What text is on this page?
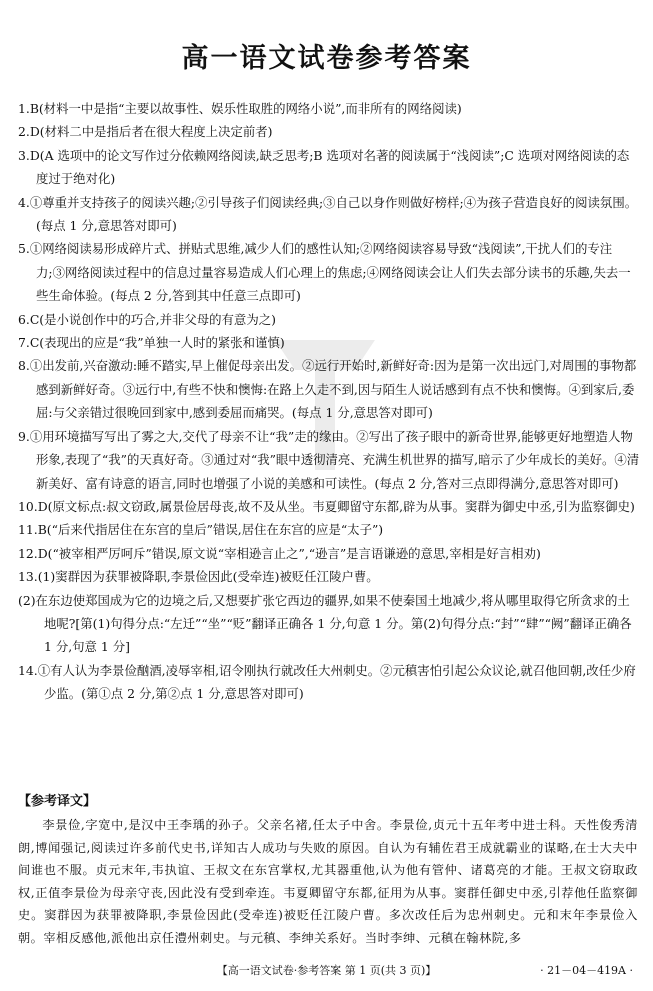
高一语文试卷参考答案

1.B(材料一中是指“主要以故事性、娱乐性取胜的网络小说”,而非所有的网络阅读)

2.D(材料二中是指后者在很大程度上决定前者)

3.D(A 选项中的论文写作过分依赖网络阅读,缺乏思考;B 选项对名著的阅读属于“浅阅读”;C 选项对网络阅读的态度过于绝对化)

4.①尊重并支持孩子的阅读兴趣;②引导孩子们阅读经典;③自己以身作则做好榜样;④为孩子营造良好的阅读氛围。(每点 1 分,意思答对即可)

5.①网络阅读易形成碎片式、拼贴式思维,减少人们的感性认知;②网络阅读容易导致“浅阅读”,干扰人们的专注力;③网络阅读过程中的信息过量容易造成人们心理上的焦虑;④网络阅读会让人们失去部分读书的乐趣,失去一些生命体验。(每点 2 分,答到其中任意三点即可)

6.C(是小说创作中的巧合,并非父母的有意为之)

7.C(表现出的应是“我”单独一人时的紧张和谨慎)

8.①出发前,兴奋激动:睡不踏实,早上催促母亲出发。②远行开始时,新鲜好奇:因为是第一次出远门,对周围的事物都感到新鲜好奇。③远行中,有些不快和懊悔:在路上久走不到,因与陌生人说话感到有点不快和懊悔。④到家后,委屈:与父亲错过很晚回到家中,感到委屈而痛哭。(每点 1 分,意思答对即可)

9.①用环境描写写出了雾之大,交代了母亲不让“我”走的缘由。②写出了孩子眼中的新奇世界,能够更好地塑造人物形象,表现了“我”的天真好奇。③通过对“我”眼中透彻清亮、充满生机世界的描写,暗示了少年成长的美好。④清新美好、富有诗意的语言,同时也增强了小说的美感和可读性。(每点 2 分,答对三点即得满分,意思答对即可)

10.D(原文标点:叔文窃政,属景俭居母丧,故不及从坐。韦夏卿留守东都,辟为从事。窦群为御史中丞,引为监察御史)

11.B(“后来代指居住在东宫的皇后”错误,居住在东宫的应是“太子”)

12.D(“被宰相严厉呵斥”错误,原文说“宰相逊言止之”,“逊言”是言语谦逊的意思,宰相是好言相劝)

13.(1)窦群因为获罪被降职,李景俭因此(受牵连)被贬任江陵户曹。

(2)在东边使郑国成为它的边境之后,又想要扩张它西边的疆界,如果不使秦国土地减少,将从哪里取得它所贪求的土地呢?[第(1)句得分点:“左迁”“坐”“贬”翻译正确各 1 分,句意 1 分。第(2)句得分点:“封”“肆”“阙”翻译正确各 1 分,句意 1 分]

14.①有人认为李景俭酗酒,凌辱宰相,诏令刚执行就改任大州刺史。②元稹害怕引起公众议论,就召他回朝,改任少府少监。(第①点 2 分,第②点 1 分,意思答对即可)

【参考译文】
李景俭,字宽中,是汉中王李瑀的孙子。父亲名褚,任太子中舍。李景俭,贞元十五年考中进士科。天性俊秀清朗,博闻强记,阅读过许多前代史书,详知古人成功与失败的原因。自认为有辅佐君王成就霸业的谋略,在士大夫中间谁也不服。贞元末年,韦执谊、王叔文在东宫掌权,尤其器重他,认为他有管仲、诸葛亮的才能。王叔文窃取政权,正值李景俭为母亲守丧,因此没有受到牵连。韦夏卿留守东都,征用为从事。窦群任御史中丞,引荐他任监察御史。窦群因为获罪被降职,李景俭因此(受牵连)被贬任江陵户曹。多次改任后为忠州刺史。元和末年李景俭入朝。宰相反感他,派他出京任澧州刺史。与元稹、李绅关系好。当时李绅、元稹在翰林院,多
【高一语文试卷·参考答案 第 1 页(共 3 页)】	· 21－04－419A ·
